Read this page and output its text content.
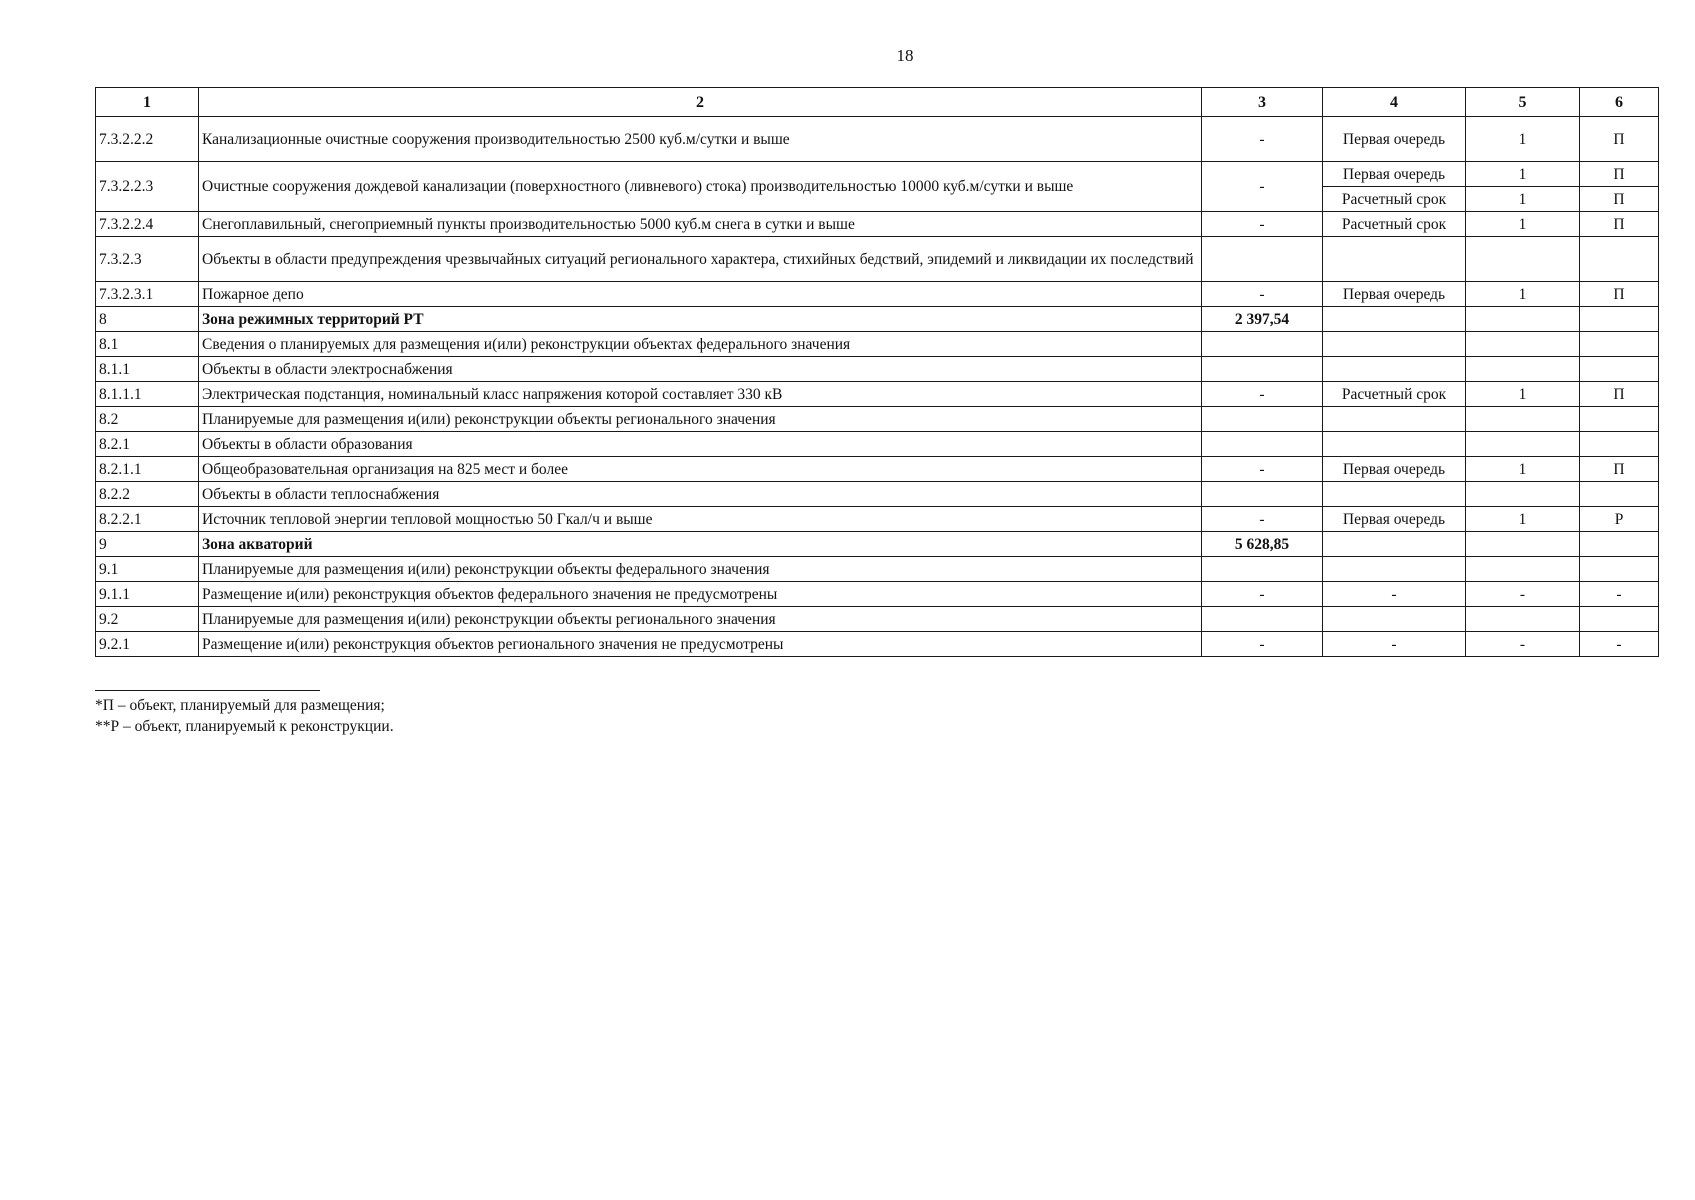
18
1	2	3	4	5	6
7.3.2.2.2	Канализационные очистные сооружения производительностью 2500 куб.м/сутки и выше	-	Первая очередь	1	П
7.3.2.2.3	Очистные сооружения дождевой канализации (поверхностного (ливневого) стока) производительностью 10000 куб.м/сутки и выше	-	Первая очередь	1	П
			Расчетный срок	1	П
7.3.2.2.4	Снегоплавильный, снегоприемный пункты производительностью 5000 куб.м снега в сутки и выше	-	Расчетный срок	1	П
7.3.2.3	Объекты в области предупреждения чрезвычайных ситуаций регионального характера, стихийных бедствий, эпидемий и ликвидации их последствий				
7.3.2.3.1	Пожарное депо	-	Первая очередь	1	П
8	Зона режимных территорий РТ	2 397,54			
8.1	Сведения о планируемых для размещения и(или) реконструкции объектах федерального значения				
8.1.1	Объекты в области электроснабжения				
8.1.1.1	Электрическая подстанция, номинальный класс напряжения которой составляет 330 кВ	-	Расчетный срок	1	П
8.2	Планируемые для размещения и(или) реконструкции объекты регионального значения				
8.2.1	Объекты в области образования				
8.2.1.1	Общеобразовательная организация на 825 мест и более	-	Первая очередь	1	П
8.2.2	Объекты в области теплоснабжения				
8.2.2.1	Источник тепловой энергии тепловой мощностью 50 Гкал/ч и выше	-	Первая очередь	1	Р
9	Зона акваторий	5 628,85			
9.1	Планируемые для размещения и(или) реконструкции объекты федерального значения				
9.1.1	Размещение и(или) реконструкция объектов федерального значения не предусмотрены	-	-	-	-
9.2	Планируемые для размещения и(или) реконструкции объекты регионального значения				
9.2.1	Размещение и(или) реконструкция объектов регионального значения не предусмотрены	-	-	-	-
*П – объект, планируемый для размещения;
**Р – объект, планируемый к реконструкции.
